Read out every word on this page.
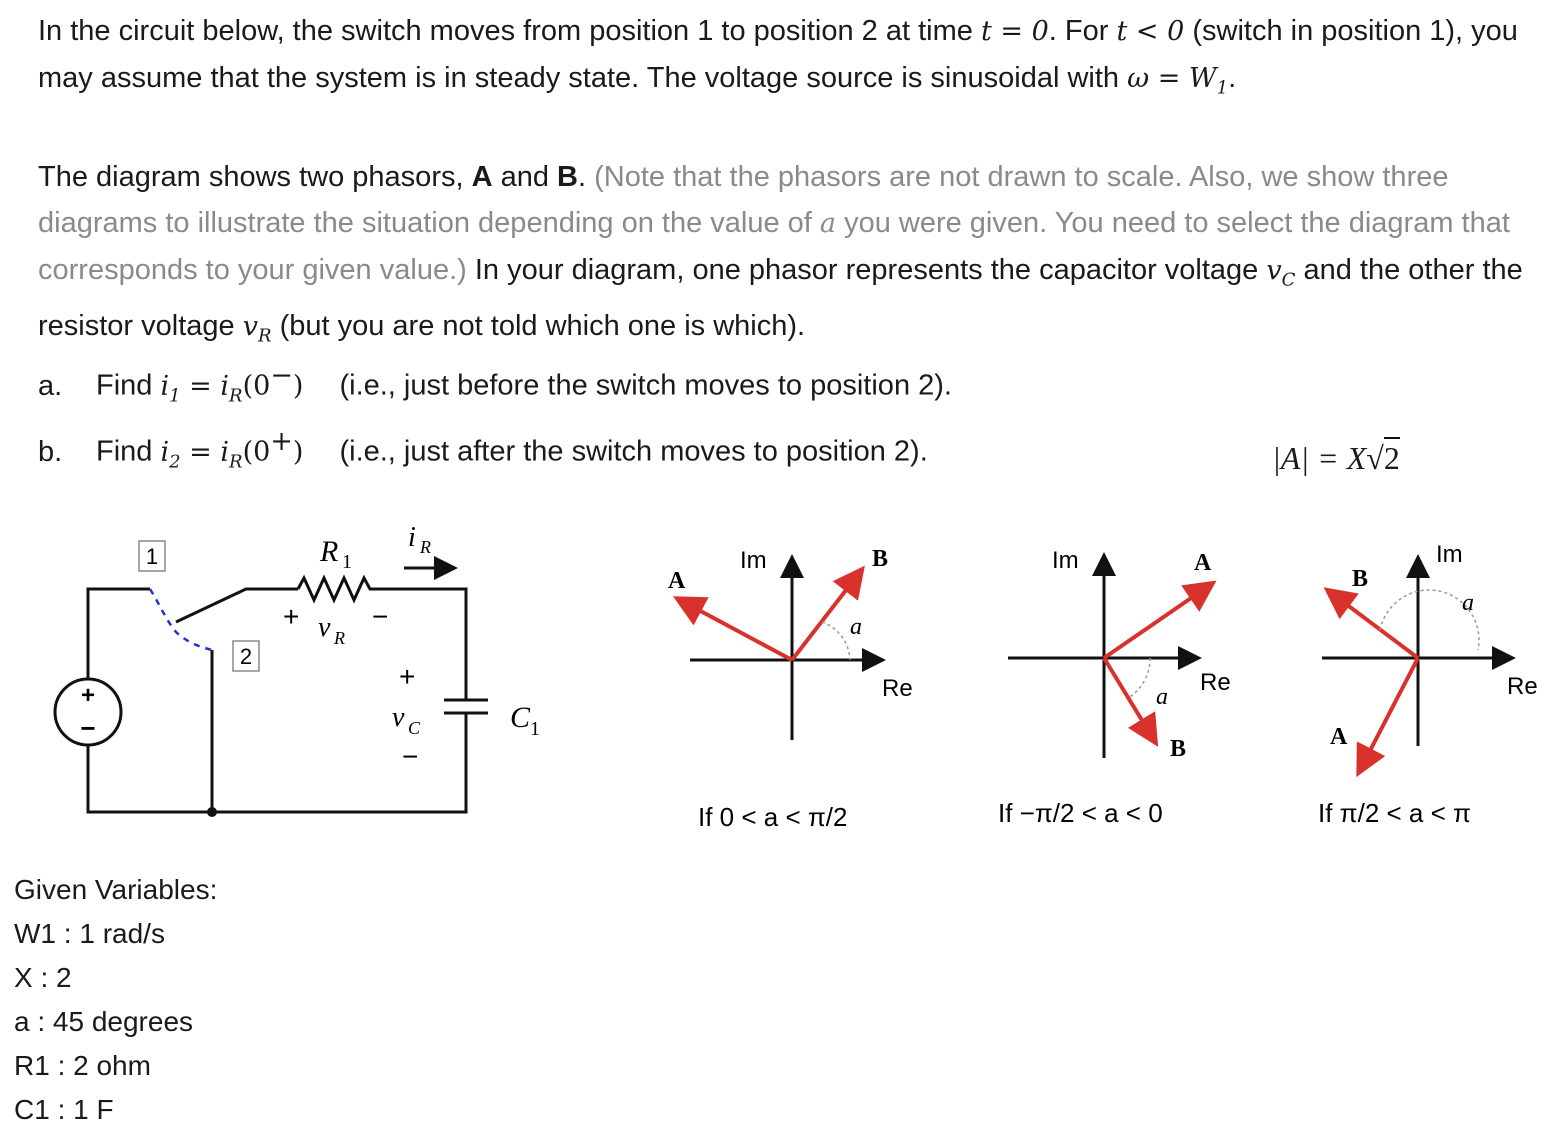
In the circuit below, the switch moves from position 1 to position 2 at time t = 0. For t < 0 (switch in position 1), you may assume that the system is in steady state. The voltage source is sinusoidal with $\omega = W_1$.
The diagram shows two phasors, A and B. (Note that the phasors are not drawn to scale. Also, we show three diagrams to illustrate the situation depending on the value of a you were given. You need to select the diagram that corresponds to your given value.) In your diagram, one phasor represents the capacitor voltage $v_C$ and the other the resistor voltage $v_R$ (but you are not told which one is which).
a. Find $i_1 = i_R(0^-)$ (i.e., just before the switch moves to position 2).
b. Find $i_2 = i_R(0^+)$ (i.e., just after the switch moves to position 2).	|A| = X√2
+
−
1
2
R 1
i R
+ v R
−
+
v C
−
C 1
Im
Re
A
B
a
If 0 < a < π/2
Im
Re
A
B
a
If −π/2 < a < 0
Im
Re
A
B
a
If π/2 < a < π
Given Variables:
W1 : 1 rad/s
X : 2
a : 45 degrees
R1 : 2 ohm
C1 : 1 F
